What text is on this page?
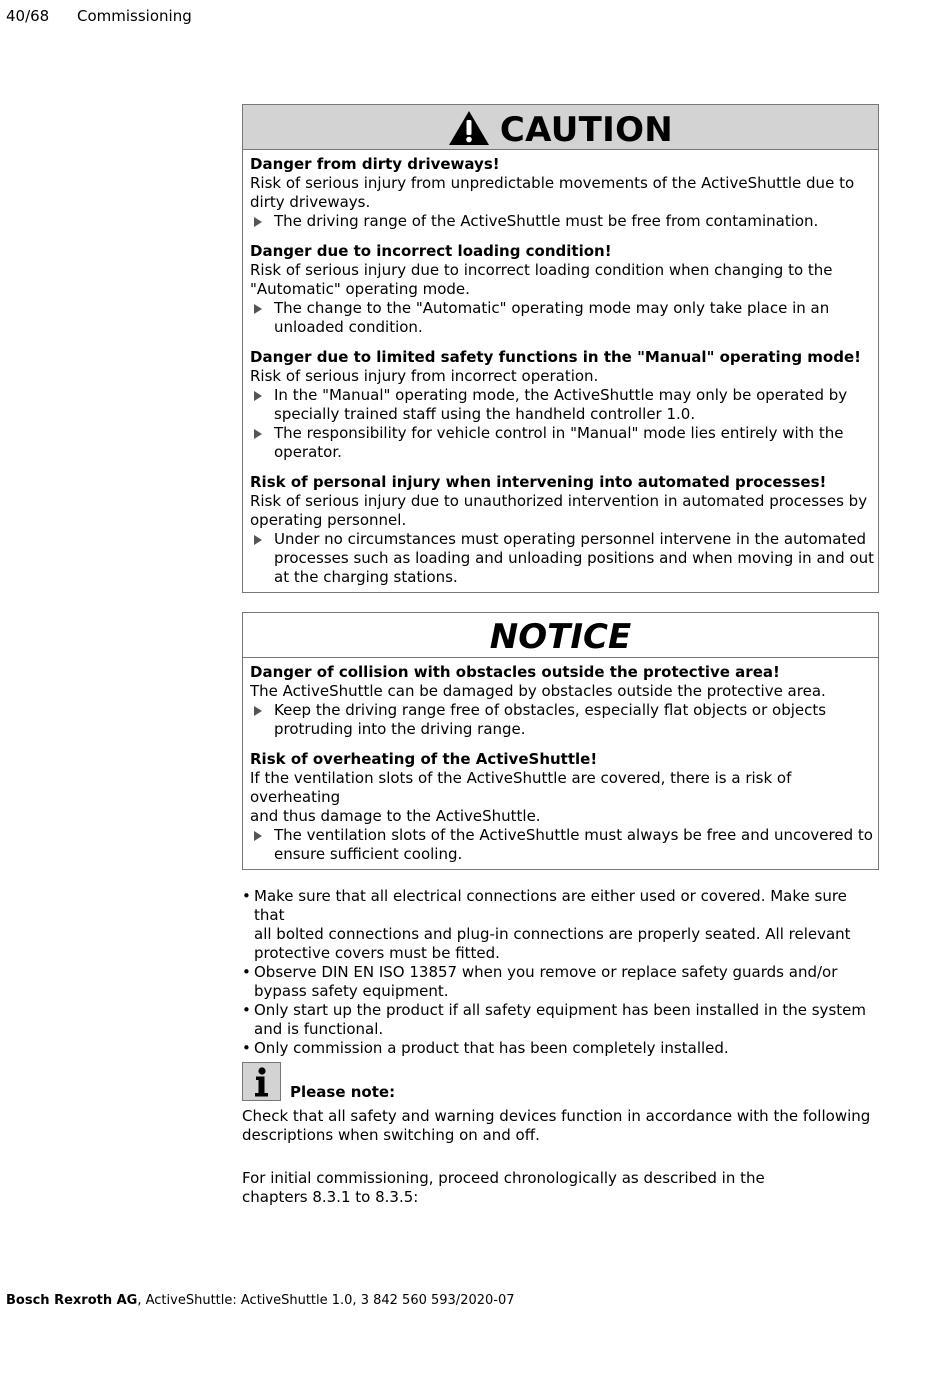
40/68 Commissioning
CAUTION
Danger from dirty driveways!
Risk of serious injury from unpredictable movements of the ActiveShuttle due to
dirty driveways.
The driving range of the ActiveShuttle must be free from contamination.
Danger due to incorrect loading condition!
Risk of serious injury due to incorrect loading condition when changing to the
"Automatic" operating mode.
The change to the "Automatic" operating mode may only take place in an
unloaded condition.
Danger due to limited safety functions in the "Manual" operating mode!
Risk of serious injury from incorrect operation.
In the "Manual" operating mode, the ActiveShuttle may only be operated by
specially trained staff using the handheld controller 1.0.
The responsibility for vehicle control in "Manual" mode lies entirely with the
operator.
Risk of personal injury when intervening into automated processes!
Risk of serious injury due to unauthorized intervention in automated processes by
operating personnel.
Under no circumstances must operating personnel intervene in the automated
processes such as loading and unloading positions and when moving in and out
at the charging stations.
NOTICE
Danger of collision with obstacles outside the protective area!
The ActiveShuttle can be damaged by obstacles outside the protective area.
Keep the driving range free of obstacles, especially flat objects or objects
protruding into the driving range.
Risk of overheating of the ActiveShuttle!
If the ventilation slots of the ActiveShuttle are covered, there is a risk of overheating
and thus damage to the ActiveShuttle.
The ventilation slots of the ActiveShuttle must always be free and uncovered to
ensure sufficient cooling.
• Make sure that all electrical connections are either used or covered. Make sure that
all bolted connections and plug-in connections are properly seated. All relevant
protective covers must be fitted.
• Observe DIN EN ISO 13857 when you remove or replace safety guards and/or
bypass safety equipment.
• Only start up the product if all safety equipment has been installed in the system
and is functional.
• Only commission a product that has been completely installed.
Please note:
Check that all safety and warning devices function in accordance with the following
descriptions when switching on and off.
For initial commissioning, proceed chronologically as described in the
chapters 8.3.1 to 8.3.5:
Bosch Rexroth AG, ActiveShuttle: ActiveShuttle 1.0, 3 842 560 593/2020-07
